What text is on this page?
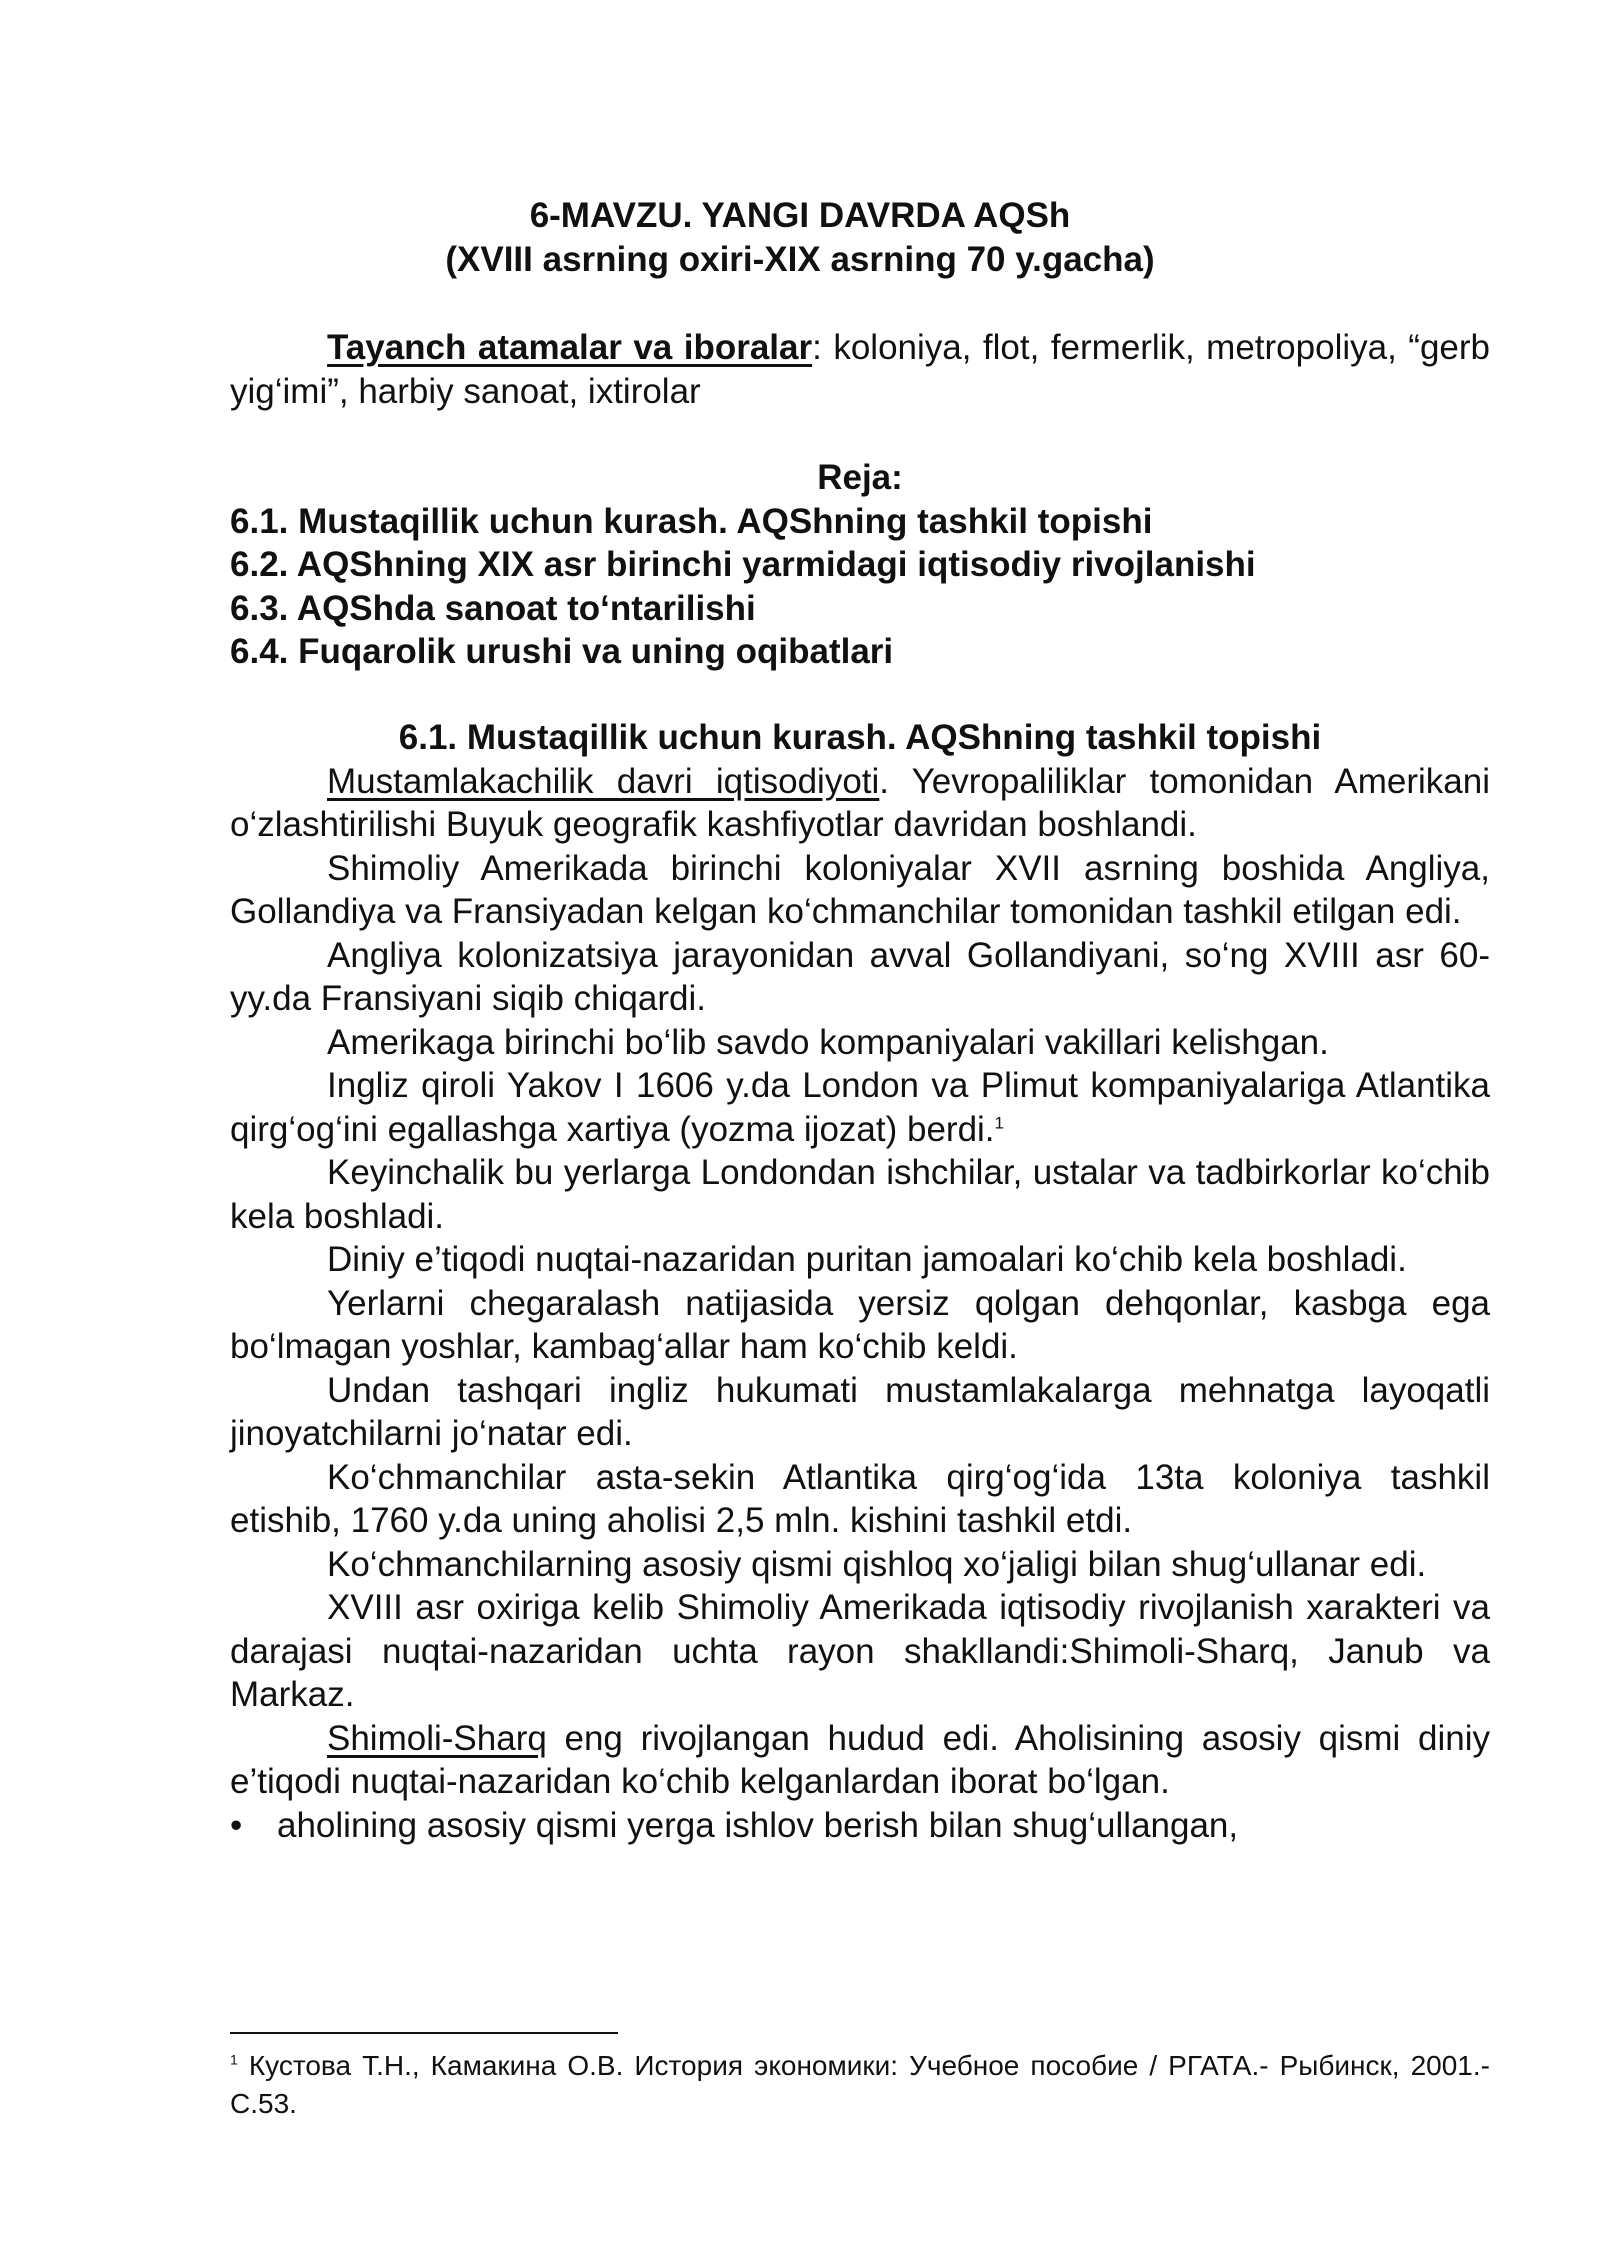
6-MAVZU. YANGI DAVRDA AQSh
(XVIII asrning oxiri-XIX asrning 70 y.gacha)

Tayanch atamalar va iboralar: koloniya, flot, fermerlik, metropoliya, “gerb yig‘imi”, harbiy sanoat, ixtirolar

Reja:
6.1. Mustaqillik uchun kurash. AQShning tashkil topishi
6.2. AQShning XIX asr birinchi yarmidagi iqtisodiy rivojlanishi
6.3. AQShda sanoat to‘ntarilishi
6.4. Fuqarolik urushi va uning oqibatlari
6.1. Mustaqillik uchun kurash. AQShning tashkil topishi

Mustamlakachilik davri iqtisodiyoti. Yevropaliliklar tomonidan Amerikani o‘zlashtirilishi Buyuk geografik kashfiyotlar davridan boshlandi.

Shimoliy Amerikada birinchi koloniyalar XVII asrning boshida Angliya, Gollandiya va Fransiyadan kelgan ko‘chmanchilar tomonidan tashkil etilgan edi.

Angliya kolonizatsiya jarayonidan avval Gollandiyani, so‘ng XVIII asr 60-yy.da Fransiyani siqib chiqardi.

Amerikaga birinchi bo‘lib savdo kompaniyalari vakillari kelishgan.

Ingliz qiroli Yakov I 1606 y.da London va Plimut kompaniyalariga Atlantika qirg‘og‘ini egallashga xartiya (yozma ijozat) berdi.$^1$

Keyinchalik bu yerlarga Londondan ishchilar, ustalar va tadbirkorlar ko‘chib kela boshladi.

Diniy e’tiqodi nuqtai-nazaridan puritan jamoalari ko‘chib kela boshladi.

Yerlarni chegaralash natijasida yersiz qolgan dehqonlar, kasbga ega bo‘lmagan yoshlar, kambag‘allar ham ko‘chib keldi.

Undan tashqari ingliz hukumati mustamlakalarga mehnatga layoqatli jinoyatchilarni jo‘natar edi.

Ko‘chmanchilar asta-sekin Atlantika qirg‘og‘ida 13ta koloniya tashkil etishib, 1760 y.da uning aholisi 2,5 mln. kishini tashkil etdi.

Ko‘chmanchilarning asosiy qismi qishloq xo‘jaligi bilan shug‘ullanar edi.

XVIII asr oxiriga kelib Shimoliy Amerikada iqtisodiy rivojlanish xarakteri va darajasi nuqtai-nazaridan uchta rayon shakllandi:Shimoli-Sharq, Janub va Markaz.

Shimoli-Sharq eng rivojlangan hudud edi. Aholisining asosiy qismi diniy e’tiqodi nuqtai-nazaridan ko‘chib kelganlardan iborat bo‘lgan.

• aholining asosiy qismi yerga ishlov berish bilan shug‘ullangan,
$^1$ Кустова Т.Н., Камакина О.В. История экономики: Учебное пособие / РГАТА.- Рыбинск, 2001.- С.53.
